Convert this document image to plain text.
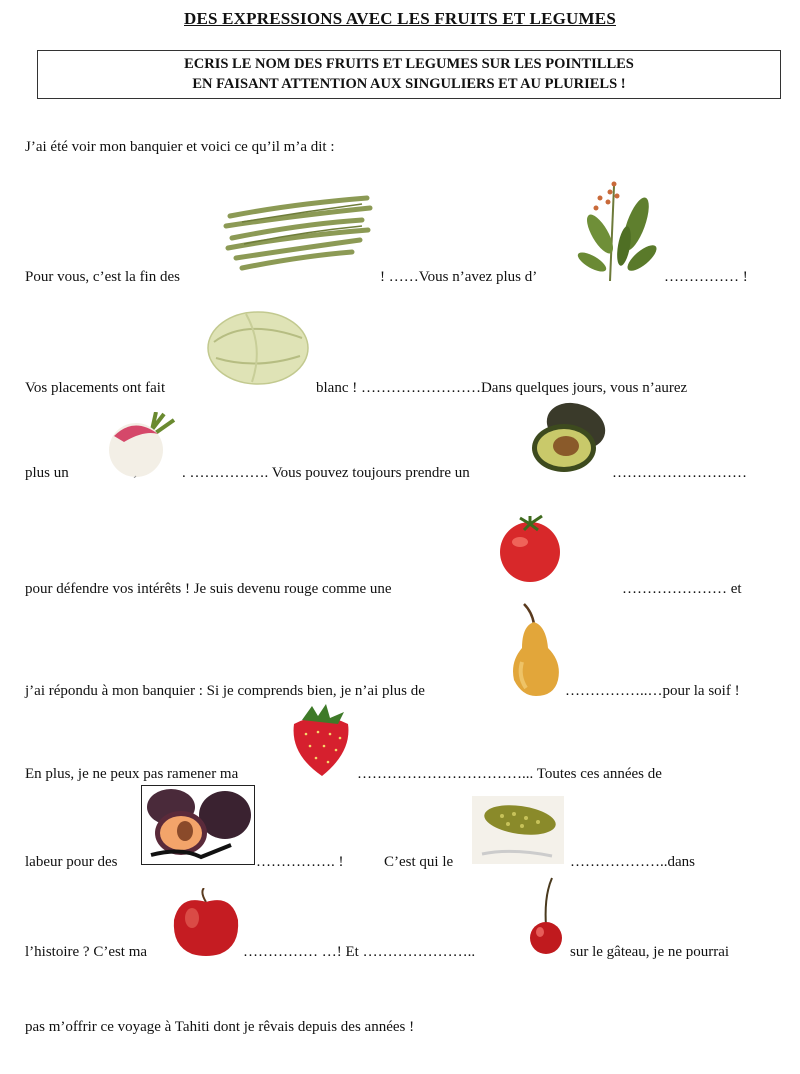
DES EXPRESSIONS AVEC LES FRUITS ET LEGUMES
ECRIS LE NOM DES FRUITS ET LEGUMES SUR LES POINTILLES
EN FAISANT ATTENTION AUX SINGULIERS ET AU PLURIELS !
J’ai été voir mon banquier et voici ce qu’il m’a dit :
Pour vous, c’est la fin des	! ……Vous n’avez plus d’	…………… !
Vos placements ont fait	blanc ! ……………………Dans quelques jours, vous n’aurez
plus un	. ……………. Vous pouvez toujours prendre un	………………………
pour défendre vos intérêts ! Je suis devenu rouge comme une	………………… et
j’ai répondu à mon banquier : Si je comprends bien, je n’ai plus de	……………..…pour la soif !
En plus, je ne peux pas ramener ma	……………………………... Toutes ces années de
labeur pour des	……………. !	C’est qui le	………………..dans
l’histoire ? C’est ma	…………… …! Et …………………..	sur le gâteau, je ne pourrai
pas m’offrir ce voyage à Tahiti dont je rêvais depuis des années !
